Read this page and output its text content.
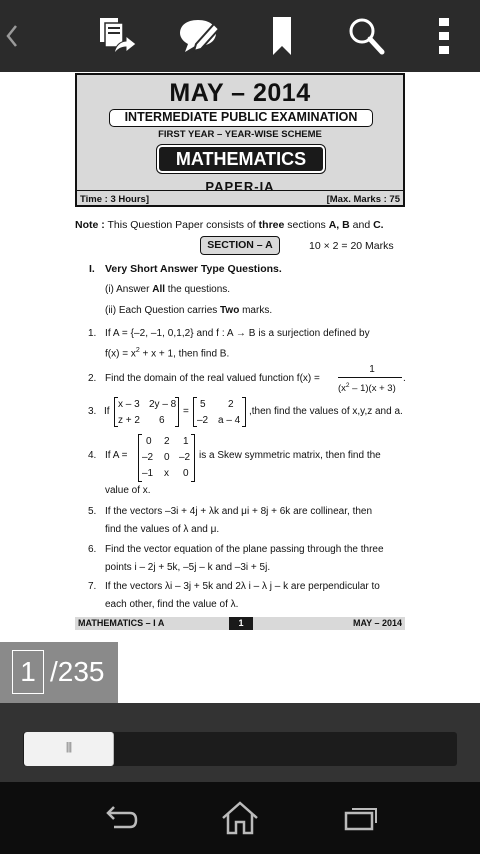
MAY – 2014
INTERMEDIATE PUBLIC EXAMINATION
FIRST YEAR – YEAR-WISE SCHEME
MATHEMATICS
PAPER-IA
Time : 3 Hours]	[Max. Marks : 75
Note : This Question Paper consists of three sections A, B and C.
SECTION – A	10 × 2 = 20 Marks
I. Very Short Answer Type Questions.
(i) Answer All the questions.
(ii) Each Question carries Two marks.
1. If A = {–2, –1, 0,1,2} and f : A → B is a surjection defined by
$f(x) = x^2 + x + 1$, then find B.
2. Find the domain of the real valued function f(x) =
1
$(x^2 - 1)(x + 3)$
.
3. If
x – 3 2y – 8
z + 2 6
=
5 2
–2 a – 4
,then find the values of x,y,z and a.
4. If A =
0 2 1
–2 0 –2
–1 x 0
is a Skew symmetric matrix, then find the
value of x.
5. If the vectors –3i + 4j + λk and μi + 8j + 6k are collinear, then
find the values of λ and μ.
6. Find the vector equation of the plane passing through the three
points i – 2j + 5k, –5j – k and –3i + 5j.
7. If the vectors λi – 3j + 5k and 2λ i – λ j – k are perpendicular to
each other, find the value of λ.
MATHEMATICS – I A	1	MAY – 2014
1 /235
|||
